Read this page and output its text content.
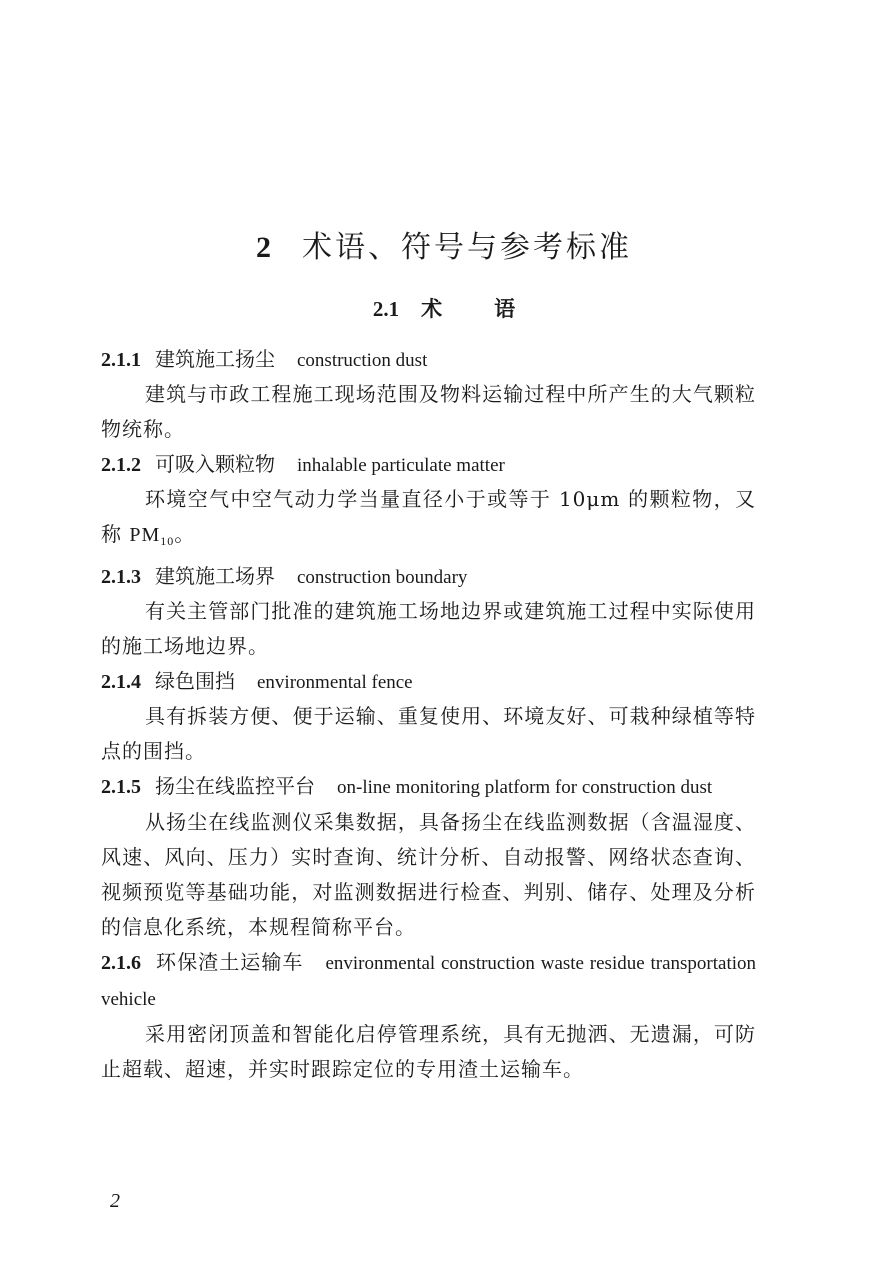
2 术语、符号与参考标准
2.1 术 语
2.1.1 建筑施工扬尘 construction dust

建筑与市政工程施工现场范围及物料运输过程中所产生的大气颗粒物统称。

2.1.2 可吸入颗粒物 inhalable particulate matter

环境空气中空气动力学当量直径小于或等于 10μm 的颗粒物，又称 $PM_{10}$。

2.1.3 建筑施工场界 construction boundary

有关主管部门批准的建筑施工场地边界或建筑施工过程中实际使用的施工场地边界。

2.1.4 绿色围挡 environmental fence

具有拆装方便、便于运输、重复使用、环境友好、可栽种绿植等特点的围挡。

2.1.5 扬尘在线监控平台 on-line monitoring platform for construction dust

从扬尘在线监测仪采集数据，具备扬尘在线监测数据（含温湿度、风速、风向、压力）实时查询、统计分析、自动报警、网络状态查询、视频预览等基础功能，对监测数据进行检查、判别、储存、处理及分析的信息化系统，本规程简称平台。

2.1.6 环保渣土运输车 environmental construction waste residue transportation vehicle

采用密闭顶盖和智能化启停管理系统，具有无抛洒、无遗漏，可防止超载、超速，并实时跟踪定位的专用渣土运输车。

2
